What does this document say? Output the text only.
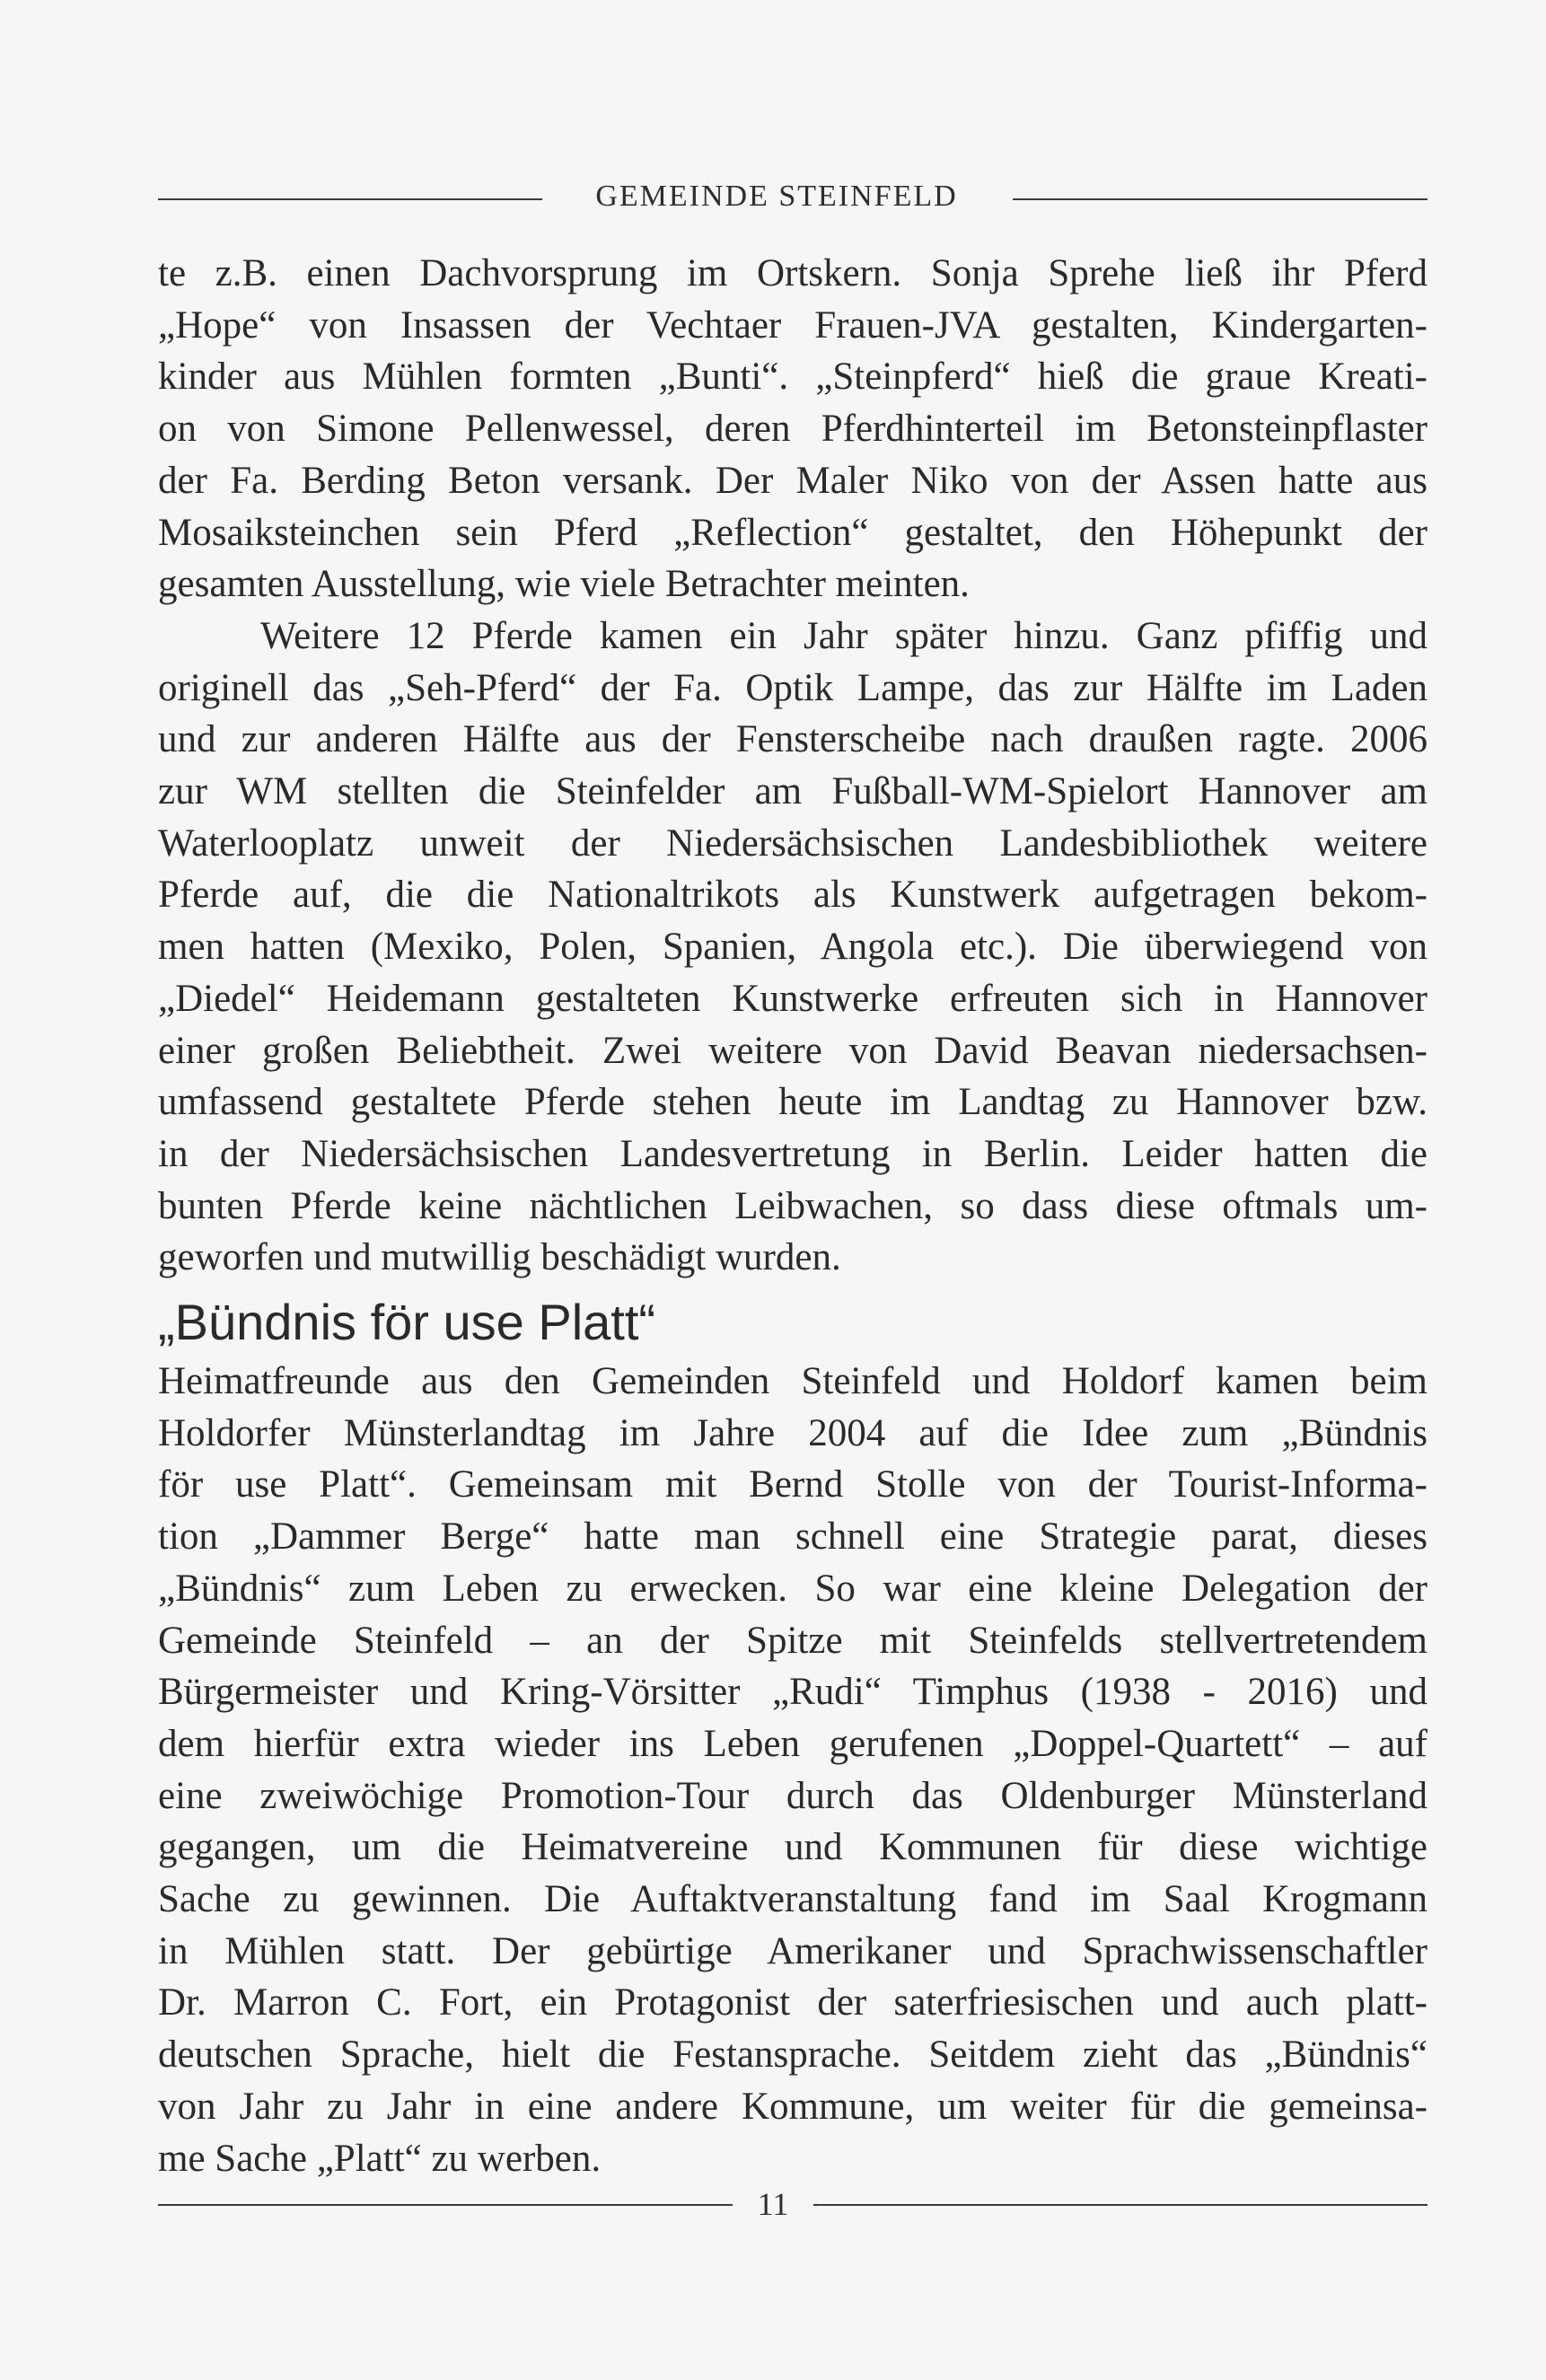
GEMEINDE STEINFELD
te z.B. einen Dachvorsprung im Ortskern. Sonja Sprehe ließ ihr Pferd
„Hope“ von Insassen der Vechtaer Frauen-JVA gestalten, Kindergarten-
kinder aus Mühlen formten „Bunti“. „Steinpferd“ hieß die graue Kreati-
on von Simone Pellenwessel, deren Pferdhinterteil im Betonsteinpflaster
der Fa. Berding Beton versank. Der Maler Niko von der Assen hatte aus
Mosaiksteinchen sein Pferd „Reflection“ gestaltet, den Höhepunkt der
gesamten Ausstellung, wie viele Betrachter meinten.
Weitere 12 Pferde kamen ein Jahr später hinzu. Ganz pfiffig und
originell das „Seh-Pferd“ der Fa. Optik Lampe, das zur Hälfte im Laden
und zur anderen Hälfte aus der Fensterscheibe nach draußen ragte. 2006
zur WM stellten die Steinfelder am Fußball-WM-Spielort Hannover am
Waterlooplatz unweit der Niedersächsischen Landesbibliothek weitere
Pferde auf, die die Nationaltrikots als Kunstwerk aufgetragen bekom-
men hatten (Mexiko, Polen, Spanien, Angola etc.). Die überwiegend von
„Diedel“ Heidemann gestalteten Kunstwerke erfreuten sich in Hannover
einer großen Beliebtheit. Zwei weitere von David Beavan niedersachsen-
umfassend gestaltete Pferde stehen heute im Landtag zu Hannover bzw.
in der Niedersächsischen Landesvertretung in Berlin. Leider hatten die
bunten Pferde keine nächtlichen Leibwachen, so dass diese oftmals um-
geworfen und mutwillig beschädigt wurden.
„Bündnis för use Platt“
Heimatfreunde aus den Gemeinden Steinfeld und Holdorf kamen beim
Holdorfer Münsterlandtag im Jahre 2004 auf die Idee zum „Bündnis
för use Platt“. Gemeinsam mit Bernd Stolle von der Tourist-Informa-
tion „Dammer Berge“ hatte man schnell eine Strategie parat, dieses
„Bündnis“ zum Leben zu erwecken. So war eine kleine Delegation der
Gemeinde Steinfeld – an der Spitze mit Steinfelds stellvertretendem
Bürgermeister und Kring-Vörsitter „Rudi“ Timphus (1938 - 2016) und
dem hierfür extra wieder ins Leben gerufenen „Doppel-Quartett“ – auf
eine zweiwöchige Promotion-Tour durch das Oldenburger Münsterland
gegangen, um die Heimatvereine und Kommunen für diese wichtige
Sache zu gewinnen. Die Auftaktveranstaltung fand im Saal Krogmann
in Mühlen statt. Der gebürtige Amerikaner und Sprachwissenschaftler
Dr. Marron C. Fort, ein Protagonist der saterfriesischen und auch platt-
deutschen Sprache, hielt die Festansprache. Seitdem zieht das „Bündnis“
von Jahr zu Jahr in eine andere Kommune, um weiter für die gemeinsa-
me Sache „Platt“ zu werben.
11
